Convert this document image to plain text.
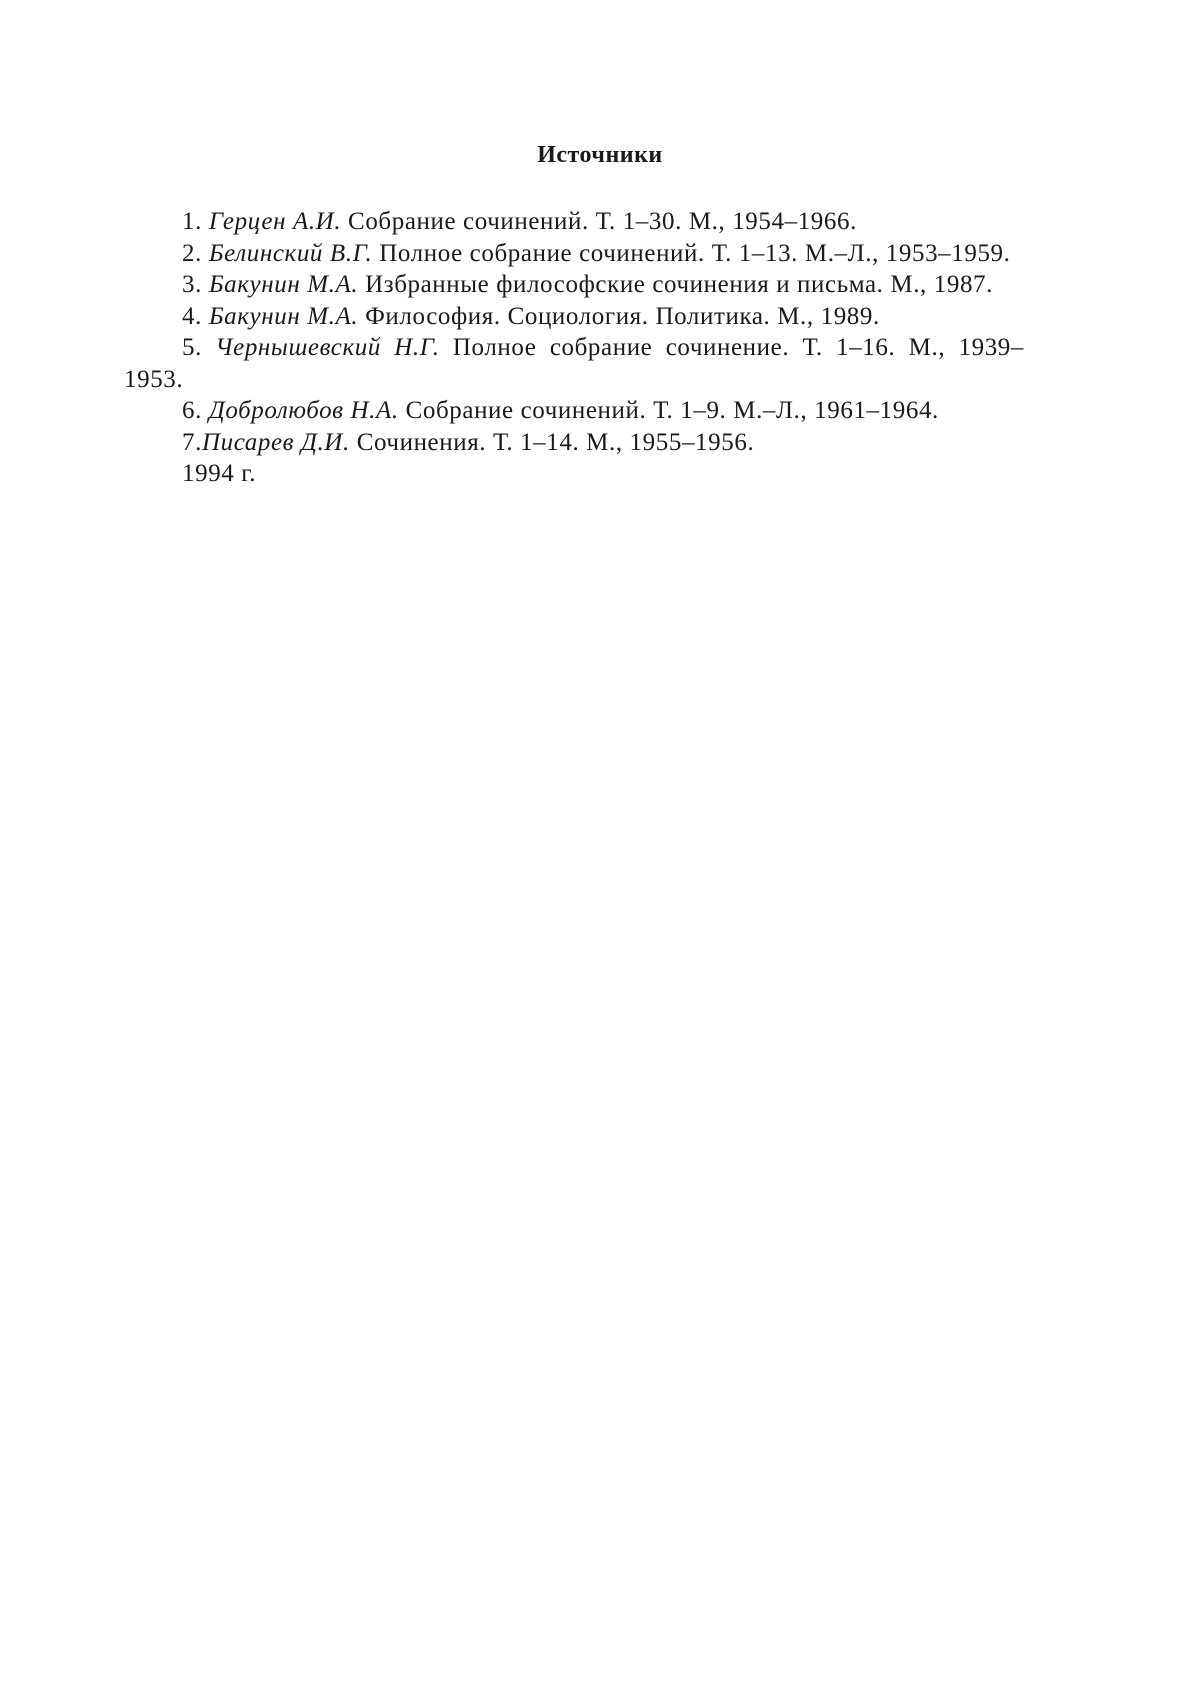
Источники

1. Герцен А.И. Собрание сочинений. Т. 1–30. М., 1954–1966.

2. Белинский В.Г. Полное собрание сочинений. Т. 1–13. М.–Л., 1953–1959.

3. Бакунин М.А. Избранные философские сочинения и письма. М., 1987.

4. Бакунин М.А. Философия. Социология. Политика. М., 1989.

5. Чернышевский Н.Г. Полное собрание сочинение. Т. 1–16. М., 1939–1953.

6. Добролюбов Н.А. Собрание сочинений. Т. 1–9. М.–Л., 1961–1964.

7.Писарев Д.И. Сочинения. Т. 1–14. М., 1955–1956.

1994 г.
